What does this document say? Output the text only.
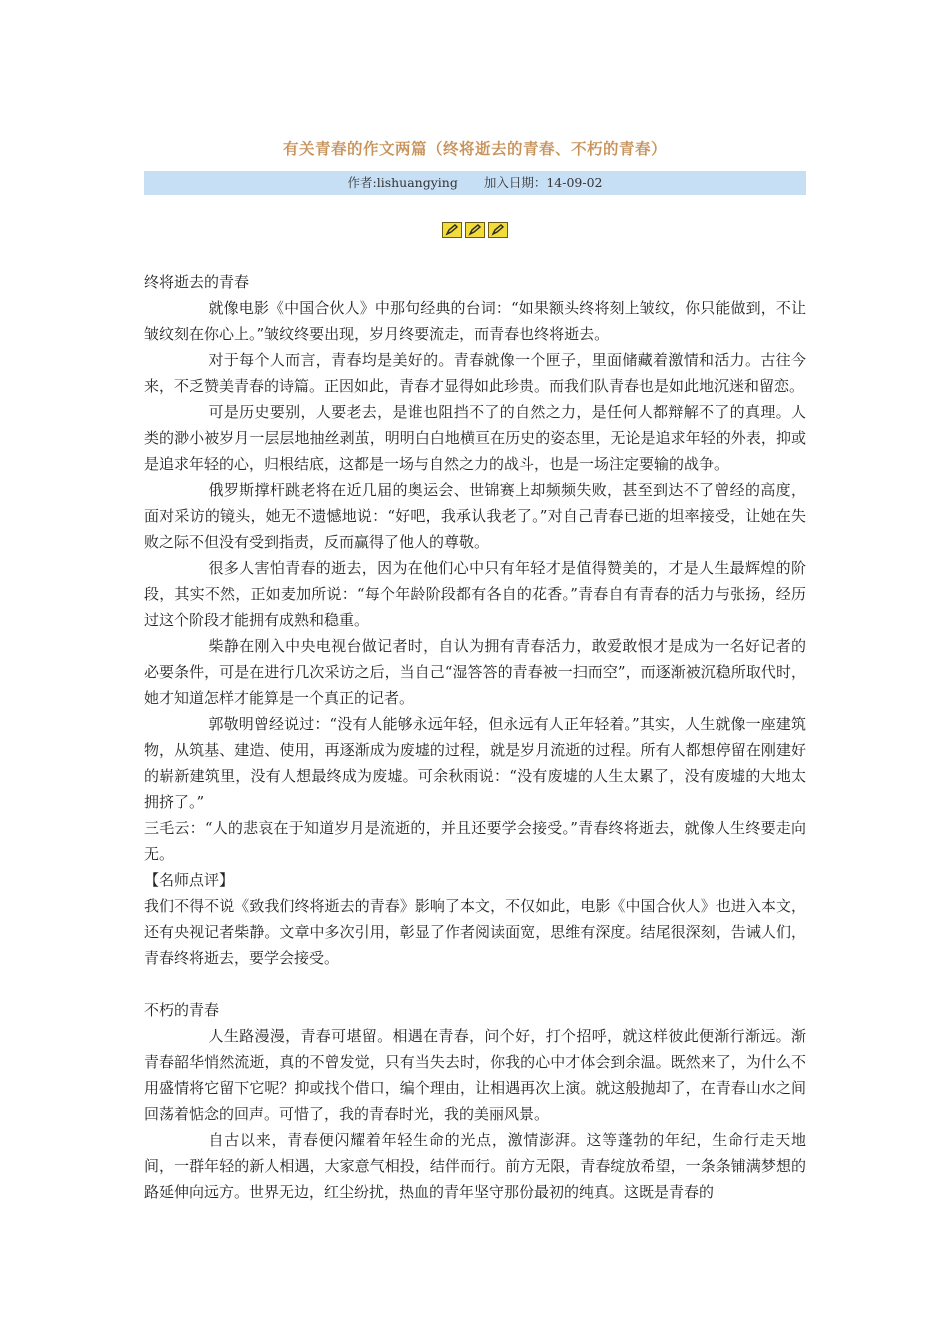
有关青春的作文两篇（终将逝去的青春、不朽的青春）
作者:lishuangying 加入日期：14-09-02

终将逝去的青春

就像电影《中国合伙人》中那句经典的台词：“如果额头终将刻上皱纹，你只能做到，不让皱纹刻在你心上。”皱纹终要出现，岁月终要流走，而青春也终将逝去。

对于每个人而言，青春均是美好的。青春就像一个匣子，里面储藏着激情和活力。古往今来，不乏赞美青春的诗篇。正因如此，青春才显得如此珍贵。而我们队青春也是如此地沉迷和留恋。

可是历史要别，人要老去，是谁也阻挡不了的自然之力，是任何人都辩解不了的真理。人类的渺小被岁月一层层地抽丝剥茧，明明白白地横亘在历史的姿态里，无论是追求年轻的外表，抑或是追求年轻的心，归根结底，这都是一场与自然之力的战斗，也是一场注定要输的战争。

俄罗斯撑杆跳老将在近几届的奥运会、世锦赛上却频频失败，甚至到达不了曾经的高度，面对采访的镜头，她无不遗憾地说：“好吧，我承认我老了。”对自己青春已逝的坦率接受，让她在失败之际不但没有受到指责，反而赢得了他人的尊敬。

很多人害怕青春的逝去，因为在他们心中只有年轻才是值得赞美的，才是人生最辉煌的阶段，其实不然，正如麦加所说：“每个年龄阶段都有各自的花香。”青春自有青春的活力与张扬，经历过这个阶段才能拥有成熟和稳重。

柴静在刚入中央电视台做记者时，自认为拥有青春活力，敢爱敢恨才是成为一名好记者的必要条件，可是在进行几次采访之后，当自己“湿答答的青春被一扫而空”，而逐渐被沉稳所取代时，她才知道怎样才能算是一个真正的记者。

郭敬明曾经说过：“没有人能够永远年轻，但永远有人正年轻着。”其实，人生就像一座建筑物，从筑基、建造、使用，再逐渐成为废墟的过程，就是岁月流逝的过程。所有人都想停留在刚建好的崭新建筑里，没有人想最终成为废墟。可余秋雨说：“没有废墟的人生太累了，没有废墟的大地太拥挤了。”

三毛云：“人的悲哀在于知道岁月是流逝的，并且还要学会接受。”青春终将逝去，就像人生终要走向无。

【名师点评】

我们不得不说《致我们终将逝去的青春》影响了本文，不仅如此，电影《中国合伙人》也进入本文，还有央视记者柴静。文章中多次引用，彰显了作者阅读面宽，思维有深度。结尾很深刻，告诫人们，青春终将逝去，要学会接受。

不朽的青春

人生路漫漫，青春可堪留。相遇在青春，问个好，打个招呼，就这样彼此便渐行渐远。渐青春韶华悄然流逝，真的不曾发觉，只有当失去时，你我的心中才体会到余温。既然来了，为什么不用盛情将它留下它呢？抑或找个借口，编个理由，让相遇再次上演。就这般抛却了，在青春山水之间回荡着惦念的回声。可惜了，我的青春时光，我的美丽风景。

自古以来，青春便闪耀着年轻生命的光点，激情澎湃。这等蓬勃的年纪，生命行走天地间，一群年轻的新人相遇，大家意气相投，结伴而行。前方无限，青春绽放希望，一条条铺满梦想的路延伸向远方。世界无边，红尘纷扰，热血的青年坚守那份最初的纯真。这既是青春的
